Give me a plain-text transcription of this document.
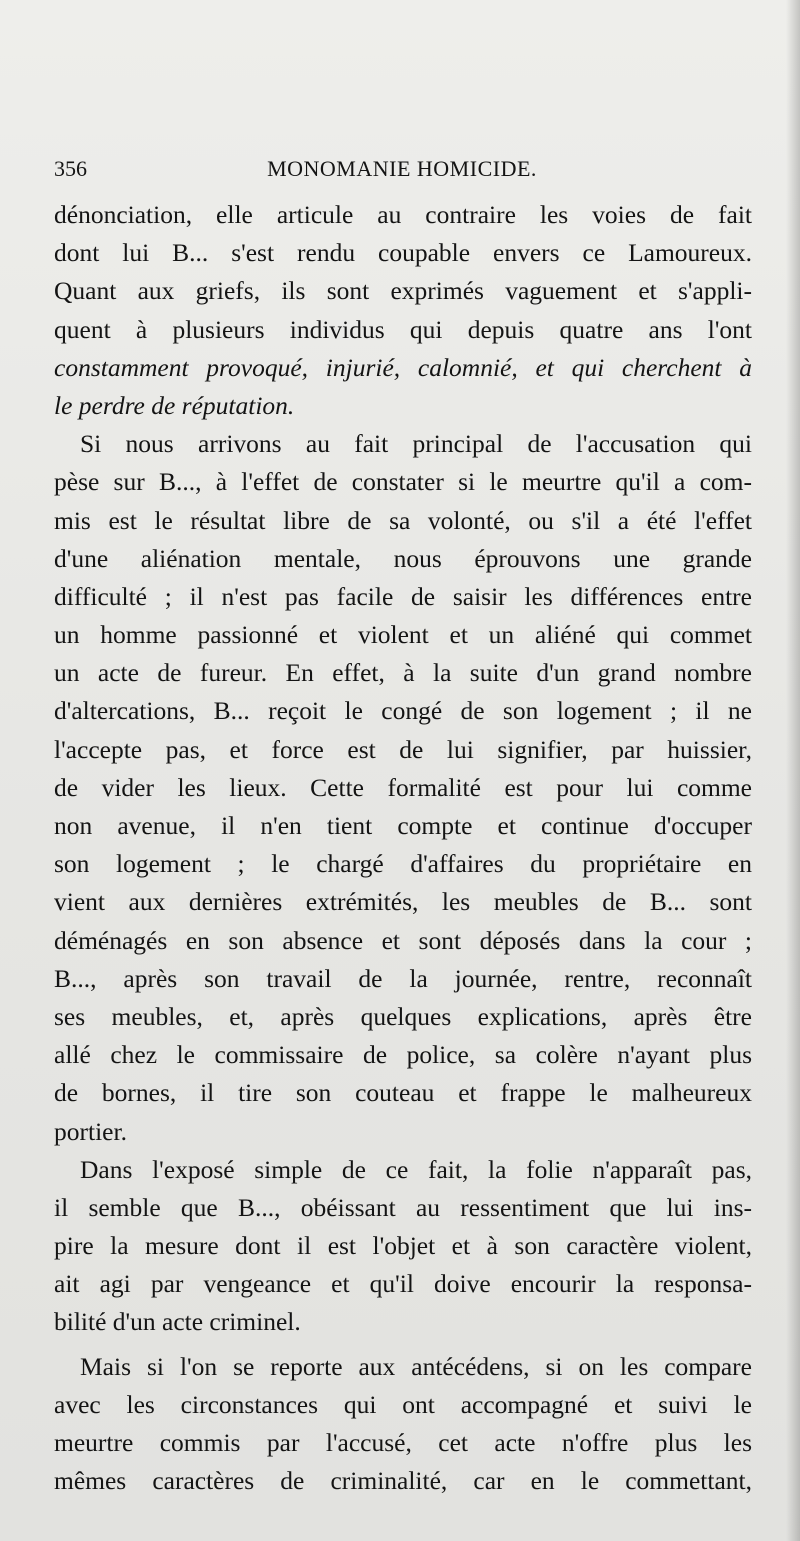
356	MONOMANIE HOMICIDE.
dénonciation, elle articule au contraire les voies de fait
dont lui B... s'est rendu coupable envers ce Lamoureux.
Quant aux griefs, ils sont exprimés vaguement et s'appli-
quent à plusieurs individus qui depuis quatre ans l'ont
constamment provoqué, injurié, calomnié, et qui cherchent à
le perdre de réputation.
Si nous arrivons au fait principal de l'accusation qui
pèse sur B..., à l'effet de constater si le meurtre qu'il a com-
mis est le résultat libre de sa volonté, ou s'il a été l'effet
d'une aliénation mentale, nous éprouvons une grande
difficulté ; il n'est pas facile de saisir les différences entre
un homme passionné et violent et un aliéné qui commet
un acte de fureur. En effet, à la suite d'un grand nombre
d'altercations, B... reçoit le congé de son logement ; il ne
l'accepte pas, et force est de lui signifier, par huissier,
de vider les lieux. Cette formalité est pour lui comme
non avenue, il n'en tient compte et continue d'occuper
son logement ; le chargé d'affaires du propriétaire en
vient aux dernières extrémités, les meubles de B... sont
déménagés en son absence et sont déposés dans la cour ;
B..., après son travail de la journée, rentre, reconnaît
ses meubles, et, après quelques explications, après être
allé chez le commissaire de police, sa colère n'ayant plus
de bornes, il tire son couteau et frappe le malheureux
portier.
Dans l'exposé simple de ce fait, la folie n'apparaît pas,
il semble que B..., obéissant au ressentiment que lui ins-
pire la mesure dont il est l'objet et à son caractère violent,
ait agi par vengeance et qu'il doive encourir la responsa-
bilité d'un acte criminel.
Mais si l'on se reporte aux antécédens, si on les compare
avec les circonstances qui ont accompagné et suivi le
meurtre commis par l'accusé, cet acte n'offre plus les
mêmes caractères de criminalité, car en le commettant,
